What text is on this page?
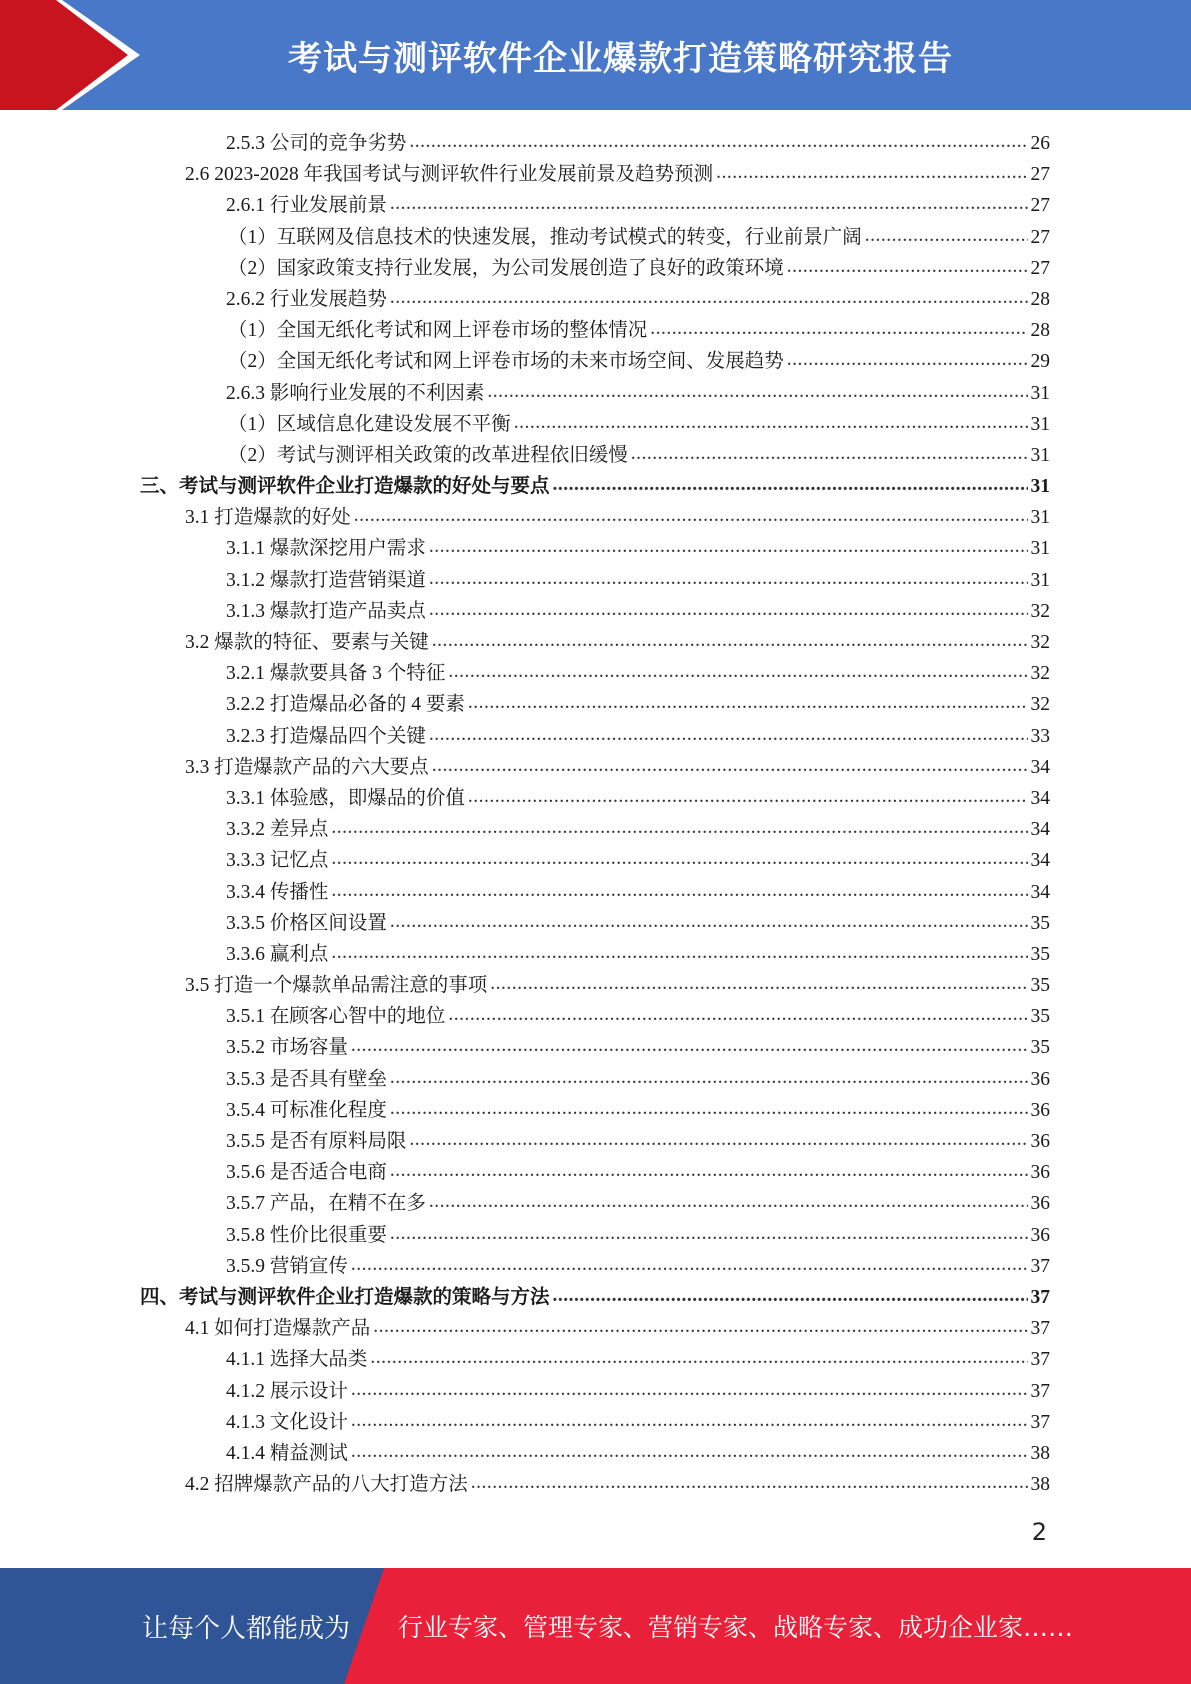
考试与测评软件企业爆款打造策略研究报告
2.5.3 公司的竞争劣势 .....	26
2.6 2023-2028 年我国考试与测评软件行业发展前景及趋势预测 .....	27
2.6.1 行业发展前景 .....	27
（1）互联网及信息技术的快速发展，推动考试模式的转变，行业前景广阔 .....	27
（2）国家政策支持行业发展，为公司发展创造了良好的政策环境 .....	27
2.6.2 行业发展趋势 .....	28
（1）全国无纸化考试和网上评卷市场的整体情况 .....	28
（2）全国无纸化考试和网上评卷市场的未来市场空间、发展趋势 .....	29
2.6.3 影响行业发展的不利因素 .....	31
（1）区域信息化建设发展不平衡 .....	31
（2）考试与测评相关政策的改革进程依旧缓慢 .....	31
三、考试与测评软件企业打造爆款的好处与要点 .....	31
3.1 打造爆款的好处 .....	31
3.1.1 爆款深挖用户需求 .....	31
3.1.2 爆款打造营销渠道 .....	31
3.1.3 爆款打造产品卖点 .....	32
3.2 爆款的特征、要素与关键 .....	32
3.2.1 爆款要具备 3 个特征 .....	32
3.2.2 打造爆品必备的 4 要素 .....	32
3.2.3 打造爆品四个关键 .....	33
3.3 打造爆款产品的六大要点 .....	34
3.3.1 体验感，即爆品的价值 .....	34
3.3.2 差异点 .....	34
3.3.3 记忆点 .....	34
3.3.4 传播性 .....	34
3.3.5 价格区间设置 .....	35
3.3.6 赢利点 .....	35
3.5 打造一个爆款单品需注意的事项 .....	35
3.5.1 在顾客心智中的地位 .....	35
3.5.2 市场容量 .....	35
3.5.3 是否具有壁垒 .....	36
3.5.4 可标准化程度 .....	36
3.5.5 是否有原料局限 .....	36
3.5.6 是否适合电商 .....	36
3.5.7 产品，在精不在多 .....	36
3.5.8 性价比很重要 .....	36
3.5.9 营销宣传 .....	37
四、考试与测评软件企业打造爆款的策略与方法 .....	37
4.1 如何打造爆款产品 .....	37
4.1.1 选择大品类 .....	37
4.1.2 展示设计 .....	37
4.1.3 文化设计 .....	37
4.1.4 精益测试 .....	38
4.2 招牌爆款产品的八大打造方法 .....	38
2
让每个人都能成为 行业专家、管理专家、营销专家、战略专家、成功企业家……
